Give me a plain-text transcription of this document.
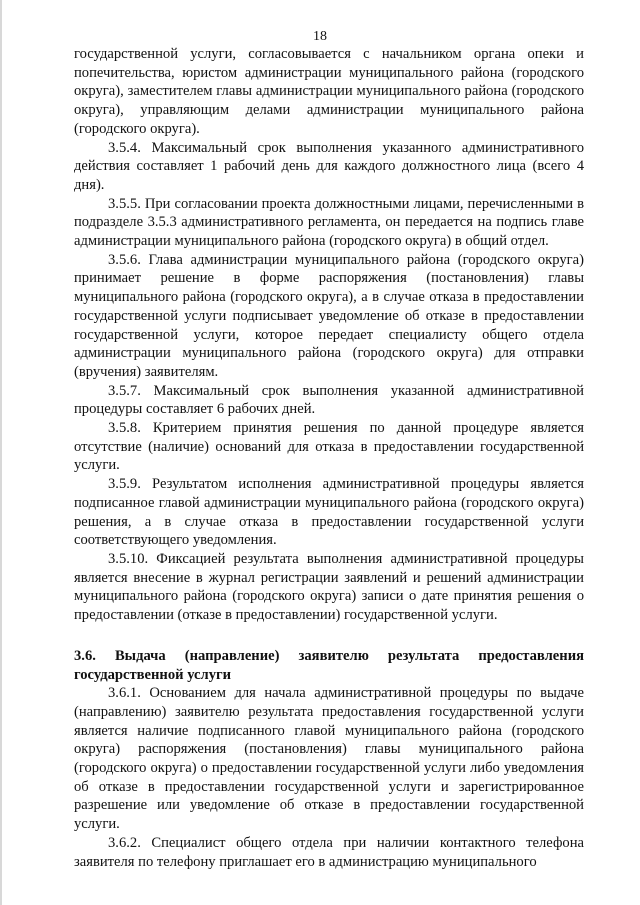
18

государственной услуги, согласовывается с начальником органа опеки и попечительства, юристом администрации муниципального района (городского округа), заместителем главы администрации муниципального района (городского округа), управляющим делами администрации муниципального района (городского округа).

3.5.4. Максимальный срок выполнения указанного административного действия составляет 1 рабочий день для каждого должностного лица (всего 4 дня).

3.5.5. При согласовании проекта должностными лицами, перечисленными в подразделе 3.5.3 административного регламента, он передается на подпись главе администрации муниципального района (городского округа) в общий отдел.

3.5.6. Глава администрации муниципального района (городского округа) принимает решение в форме распоряжения (постановления) главы муниципального района (городского округа), а в случае отказа в предоставлении государственной услуги подписывает уведомление об отказе в предоставлении государственной услуги, которое передает специалисту общего отдела администрации муниципального района (городского округа) для отправки (вручения) заявителям.

3.5.7. Максимальный срок выполнения указанной административной процедуры составляет 6 рабочих дней.

3.5.8. Критерием принятия решения по данной процедуре является отсутствие (наличие) оснований для отказа в предоставлении государственной услуги.

3.5.9. Результатом исполнения административной процедуры является подписанное главой администрации муниципального района (городского округа) решения, а в случае отказа в предоставлении государственной услуги соответствующего уведомления.

3.5.10. Фиксацией результата выполнения административной процедуры является внесение в журнал регистрации заявлений и решений администрации муниципального района (городского округа) записи о дате принятия решения о предоставлении (отказе в предоставлении) государственной услуги.

3.6. Выдача (направление) заявителю результата предоставления государственной услуги

3.6.1. Основанием для начала административной процедуры по выдаче (направлению) заявителю результата предоставления государственной услуги является наличие подписанного главой муниципального района (городского округа) распоряжения (постановления) главы муниципального района (городского округа) о предоставлении государственной услуги либо уведомления об отказе в предоставлении государственной услуги и зарегистрированное разрешение или уведомление об отказе в предоставлении государственной услуги.

3.6.2. Специалист общего отдела при наличии контактного телефона заявителя по телефону приглашает его в администрацию муниципального
